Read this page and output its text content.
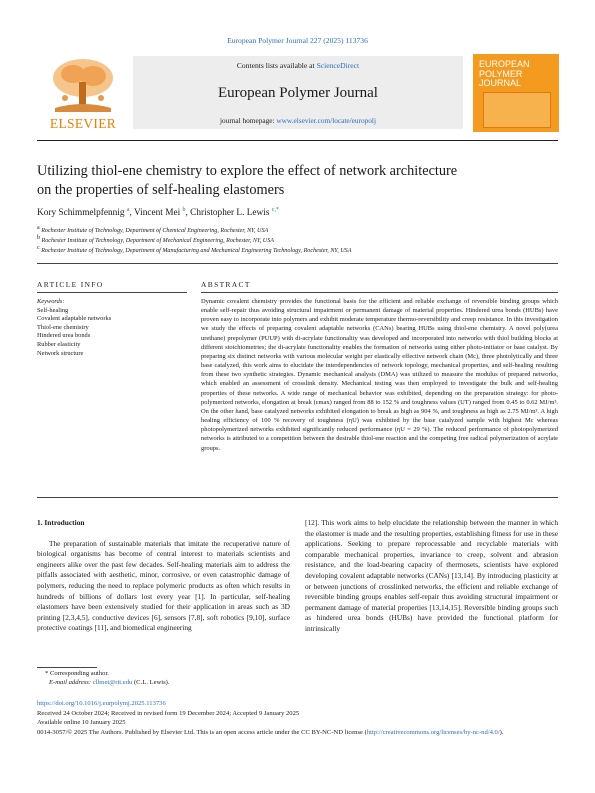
European Polymer Journal 227 (2025) 113736
ELSEVIER
Contents lists available at ScienceDirect
European Polymer Journal
journal homepage: www.elsevier.com/locate/europolj
EUROPEAN POLYMER JOURNAL
Utilizing thiol-ene chemistry to explore the effect of network architecture
on the properties of self-healing elastomers
Kory Schimmelpfennig $^a$, Vincent Mei $^b$, Christopher L. Lewis $^{c,*}$
$^a$ Rochester Institute of Technology, Department of Chemical Engineering, Rochester, NY, USA
$^b$ Rochester Institute of Technology, Department of Mechanical Engineering, Rochester, NY, USA
$^c$ Rochester Institute of Technology, Department of Manufacturing and Mechanical Engineering Technology, Rochester, NY, USA
ARTICLE INFO	ABSTRACT
Keywords:
Self-healing
Covalent adaptable networks
Thiol-ene chemistry
Hindered urea bonds
Rubber elasticity
Network structure
Dynamic covalent chemistry provides the functional basis for the efficient and reliable exchange of reversible binding groups which enable self-repair thus avoiding structural impairment or permanent damage of material properties. Hindered urea bonds (HUBs) have proven easy to incorporate into polymers and exhibit moderate temperature thermo-reversibility and creep resistance. In this investigation we study the effects of preparing covalent adaptable networks (CANs) bearing HUBs using thiol-ene chemistry. A novel poly(urea urethane) prepolymer (PUUP) with di-acrylate functionality was developed and incorporated into networks with thiol building blocks at different stoichiometries; the di-acrylate functionality enables the formation of networks using either photo-initiator or base catalyst. By preparing six distinct networks with various molecular weight per elastically effective network chain (Mc), three photolytically and three base catalyzed, this work aims to elucidate the interdependencies of network topology, mechanical properties, and self-healing resulting from these two synthetic strategies. Dynamic mechanical analysis (DMA) was utilized to measure the modulus of prepared networks, which enabled an assessment of crosslink density. Mechanical testing was then employed to investigate the bulk and self-healing properties of these networks. A wide range of mechanical behavior was exhibited, depending on the preparation strategy: for photo-polymerized networks, elongation at break (εmax) ranged from 88 to 152 % and toughness values (UT) ranged from 0.45 to 0.62 MJ/m³. On the other hand, base catalyzed networks exhibited elongation to break as high as 904 %, and toughness as high as 2.75 MJ/m³. A high healing efficiency of 100 % recovery of toughness (ηU) was exhibited by the base catalyzed sample with highest Mc whereas photopolymerized networks exhibited significantly reduced performance (ηU = 29 %). The reduced performance of photopolymerized networks is attributed to a competition between the desirable thiol-ene reaction and the competing free radical polymerization of acrylate groups.

1. Introduction

The preparation of sustainable materials that imitate the recuperative nature of biological organisms has become of central interest to materials scientists and engineers alike over the past few decades. Self-healing materials aim to address the pitfalls associated with aesthetic, minor, corrosive, or even catastrophic damage of polymers, reducing the need to replace polymeric products as often which results in hundreds of billions of dollars lost every year [1]. In particular, self-healing elastomers have been extensively studied for their application in areas such as 3D printing [2,3,4,5], conductive devices [6], sensors [7,8], soft robotics [9,10], surface protective coatings [11], and biomedical engineering

[12]. This work aims to help elucidate the relationship between the manner in which the elastomer is made and the resulting properties, establishing fitness for use in these applications. Seeking to prepare reprocessable and recyclable materials with comparable mechanical properties, invariance to creep, solvent and abrasion resistance, and the load-bearing capacity of thermosets, scientists have explored developing covalent adaptable networks (CANs) [13,14]. By introducing plasticity at or between junctions of crosslinked networks, the efficient and reliable exchange of reversible binding groups enables self-repair thus avoiding structural impairment or permanent damage of material properties [13,14,15]. Reversible binding groups such as hindered urea bonds (HUBs) have provided the functional platform for intrinsically

* Corresponding author.
E-mail address: cllmet@rit.edu (C.L. Lewis).
https://doi.org/10.1016/j.eurpolymj.2025.113736
Received 24 October 2024; Received in revised form 19 December 2024; Accepted 9 January 2025
Available online 10 January 2025
0014-3057/© 2025 The Authors. Published by Elsevier Ltd. This is an open access article under the CC BY-NC-ND license (http://creativecommons.org/licenses/by-nc-nd/4.0/).
